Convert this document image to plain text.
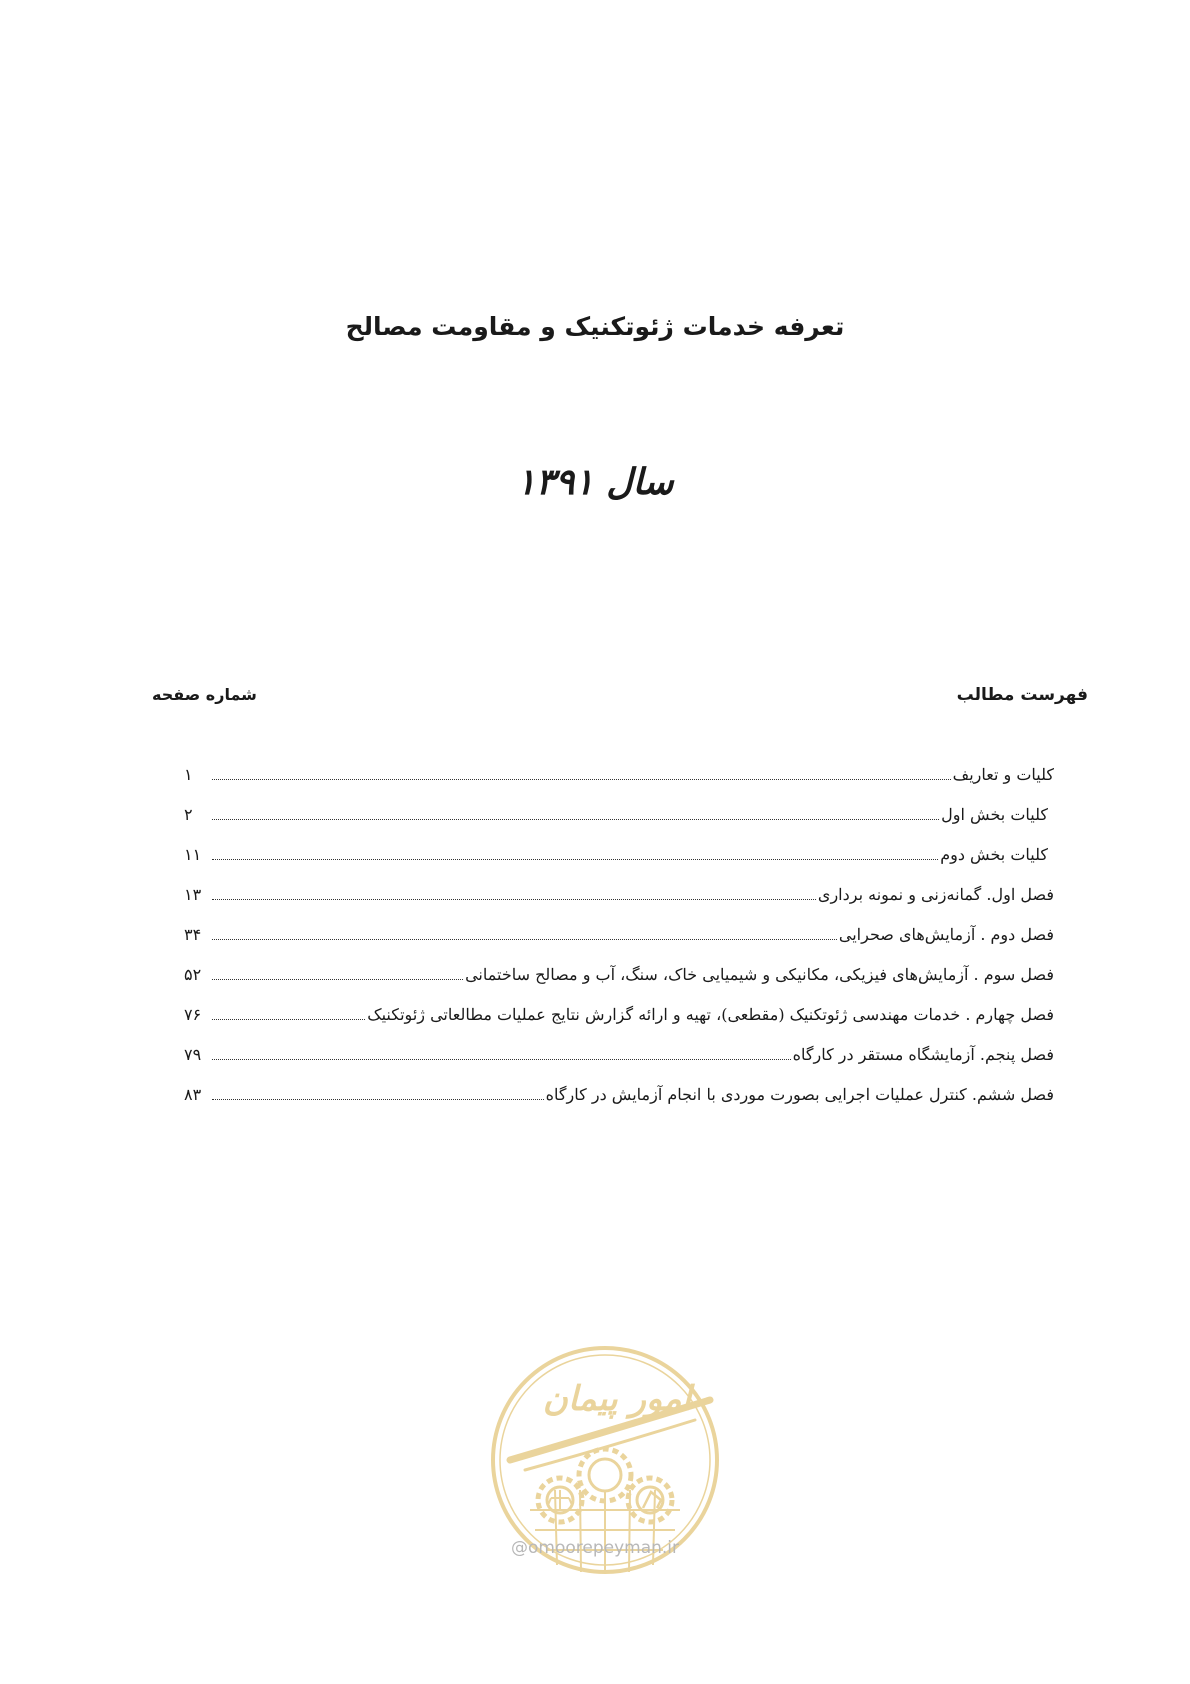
تعرفه خدمات ژئوتکنیک و مقاومت مصالح
سال ۱۳۹۱
فهرست مطالب
شماره صفحه
کلیات و تعاریف
۱
کلیات بخش اول
۲
کلیات بخش دوم
۱۱
فصل اول. گمانه‌زنی و نمونه برداری
۱۳
فصل دوم . آزمایش‌های صحرایی
۳۴
فصل سوم . آزمایش‌های فیزیکی، مکانیکی و شیمیایی خاک، سنگ، آب و مصالح ساختمانی
۵۲
فصل چهارم . خدمات مهندسی ژئوتکنیک (مقطعی)، تهیه و ارائه گزارش نتایج عملیات مطالعاتی ژئوتکنیک
۷۶
فصل پنجم. آزمایشگاه مستقر در کارگاه
۷۹
فصل ششم. کنترل عملیات اجرایی بصورت موردی با انجام آزمایش در کارگاه
۸۳
امور پیمان
@omoorepeyman.ir
